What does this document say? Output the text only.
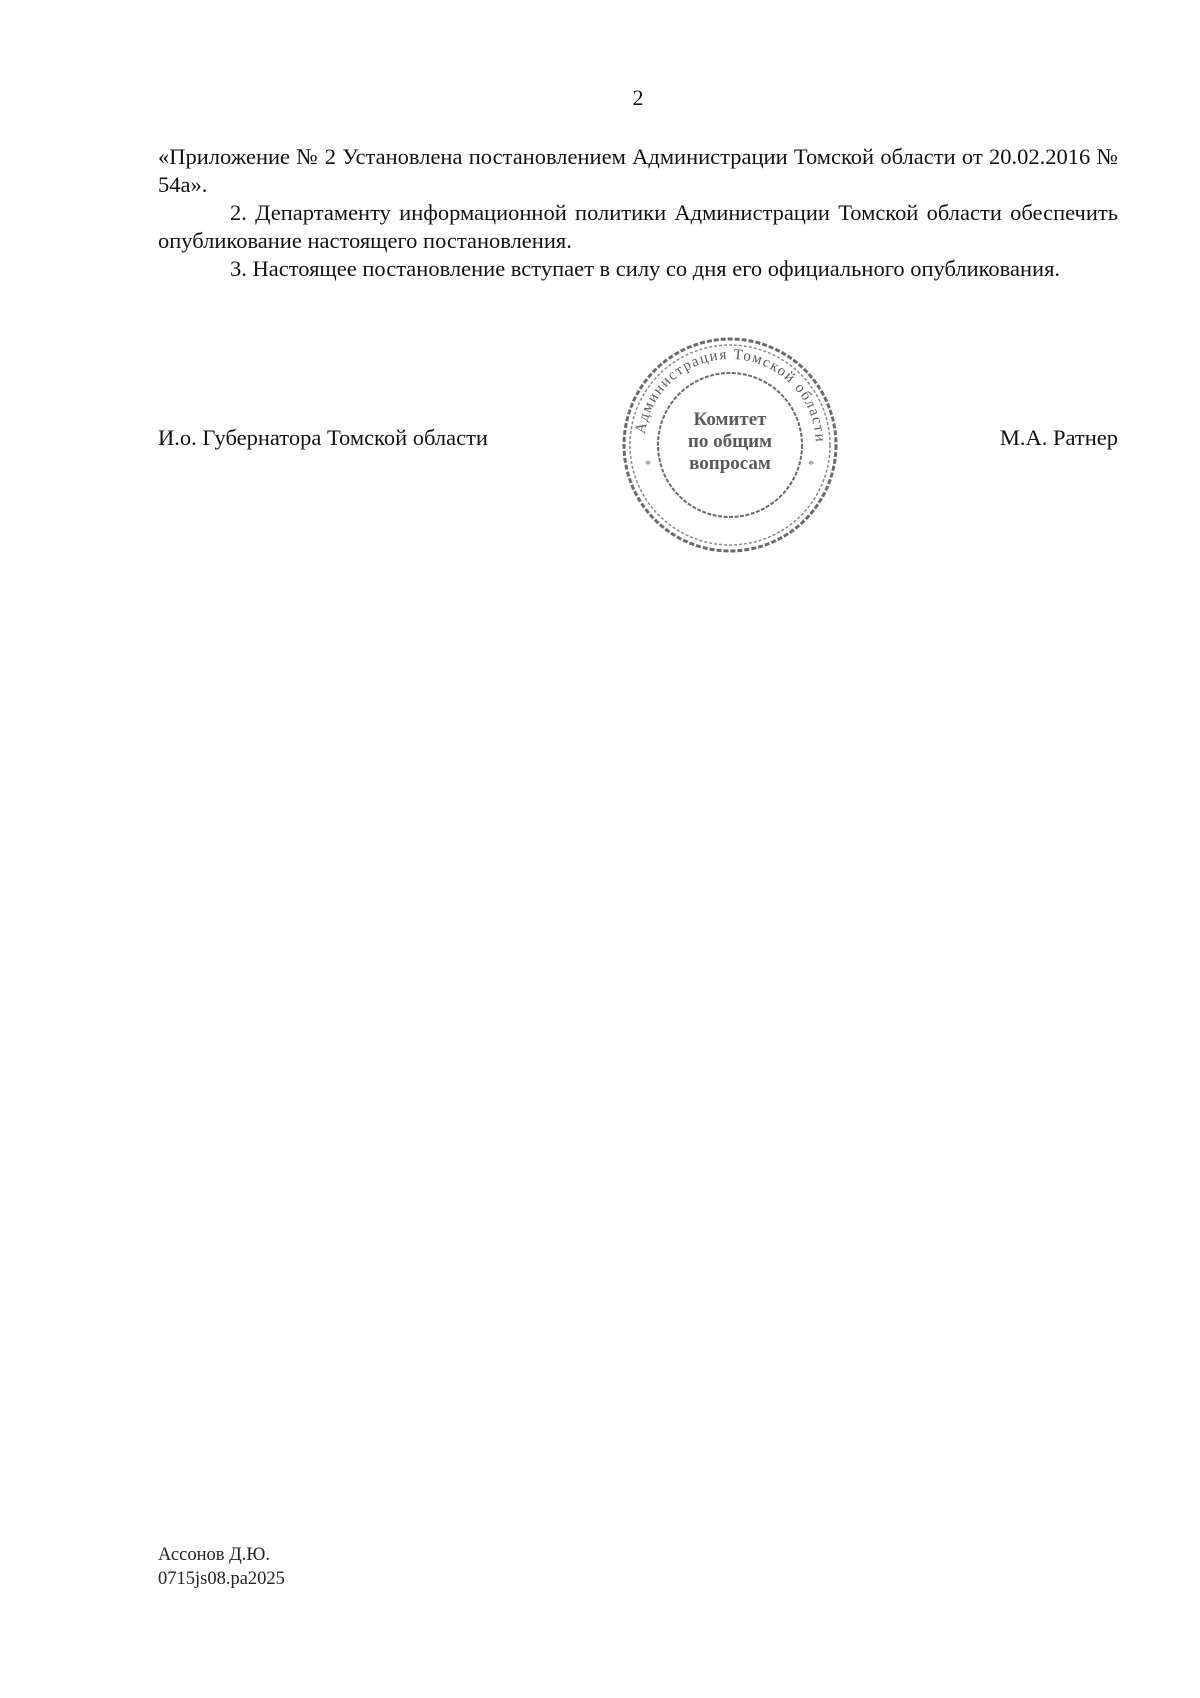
2

«Приложение № 2 Установлена постановлением Администрации Томской области от 20.02.2016 № 54а».

2. Департаменту информационной политики Администрации Томской области обеспечить опубликование настоящего постановления.

3. Настоящее постановление вступает в силу со дня его официального опубликования.

И.о. Губернатора Томской области	Администрация Томской области
*	*
Комитет
по общим
вопросам
М.А. Ратнер
Ассонов Д.Ю.
0715js08.pa2025
